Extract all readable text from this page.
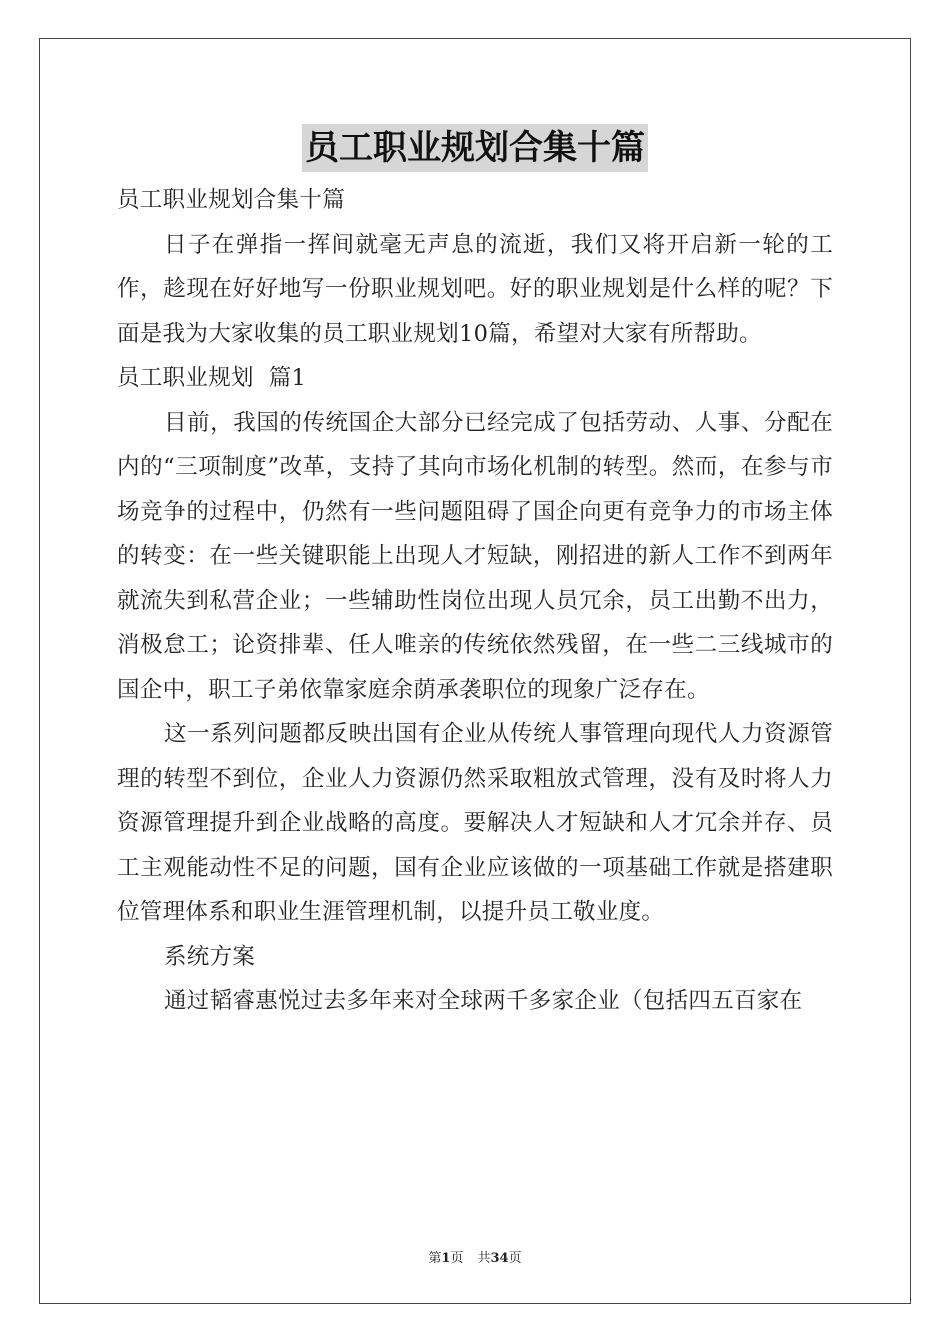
员工职业规划合集十篇

员工职业规划合集十篇

日子在弹指一挥间就毫无声息的流逝，我们又将开启新一轮的工作，趁现在好好地写一份职业规划吧。好的职业规划是什么样的呢？下面是我为大家收集的员工职业规划10篇，希望对大家有所帮助。

员工职业规划  篇1

目前，我国的传统国企大部分已经完成了包括劳动、人事、分配在内的“三项制度”改革，支持了其向市场化机制的转型。然而，在参与市场竞争的过程中，仍然有一些问题阻碍了国企向更有竞争力的市场主体的转变：在一些关键职能上出现人才短缺，刚招进的新人工作不到两年就流失到私营企业；一些辅助性岗位出现人员冗余，员工出勤不出力，消极怠工；论资排辈、任人唯亲的传统依然残留，在一些二三线城市的国企中，职工子弟依靠家庭余荫承袭职位的现象广泛存在。

这一系列问题都反映出国有企业从传统人事管理向现代人力资源管理的转型不到位，企业人力资源仍然采取粗放式管理，没有及时将人力资源管理提升到企业战略的高度。要解决人才短缺和人才冗余并存、员工主观能动性不足的问题，国有企业应该做的一项基础工作就是搭建职位管理体系和职业生涯管理机制，以提升员工敬业度。

系统方案

通过韬睿惠悦过去多年来对全球两千多家企业（包括四五百家在

第1页 共34页
